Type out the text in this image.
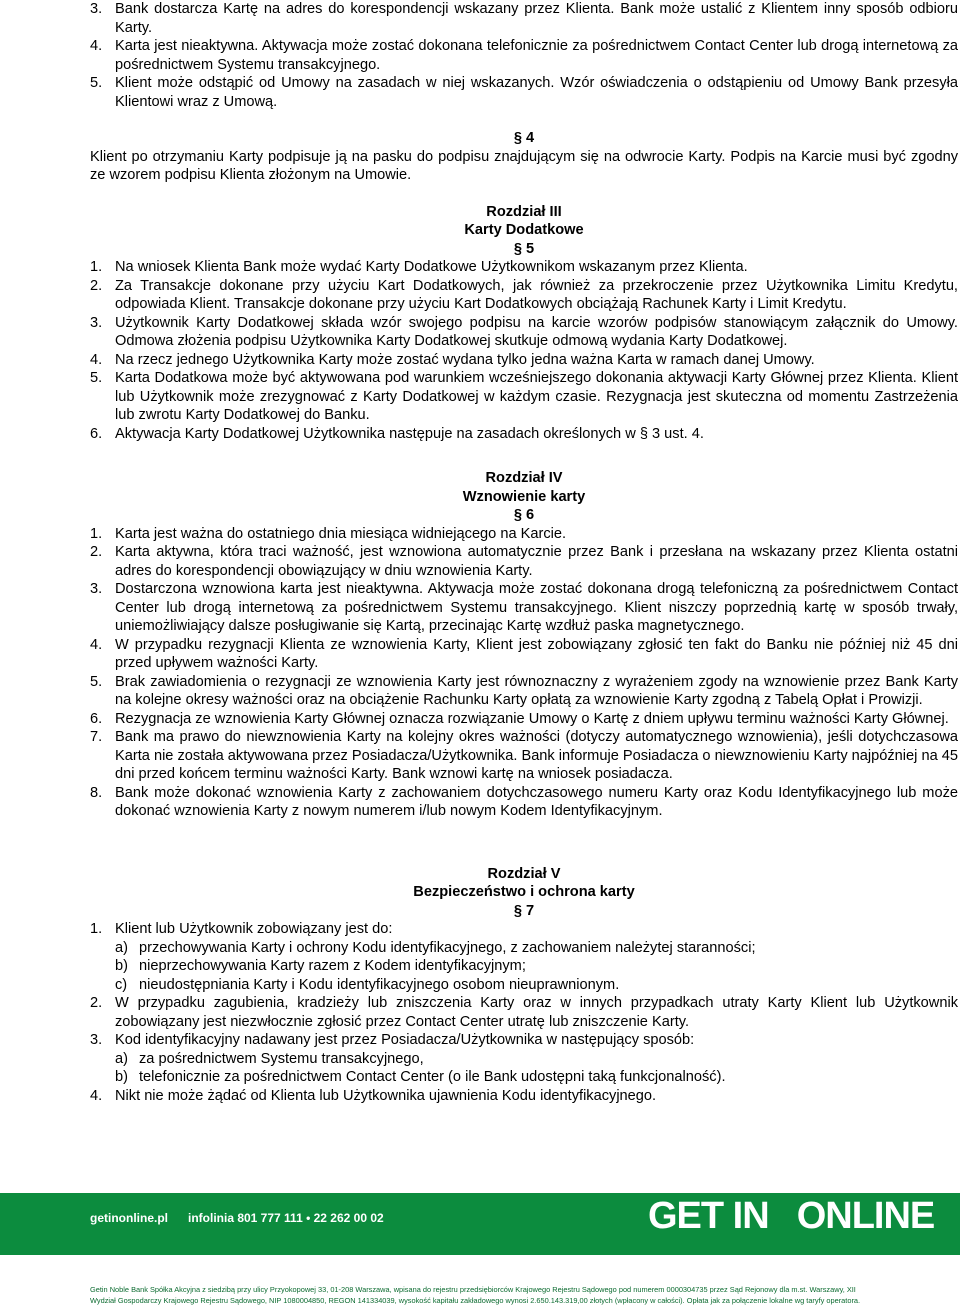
3. Bank dostarcza Kartę na adres do korespondencji wskazany przez Klienta. Bank może ustalić z Klientem inny sposób odbioru Karty.
4. Karta jest nieaktywna. Aktywacja może zostać dokonana telefonicznie za pośrednictwem Contact Center lub drogą internetową za pośrednictwem Systemu transakcyjnego.
5. Klient może odstąpić od Umowy na zasadach w niej wskazanych. Wzór oświadczenia o odstąpieniu od Umowy Bank przesyła Klientowi wraz z Umową.
§ 4

Klient po otrzymaniu Karty podpisuje ją na pasku do podpisu znajdującym się na odwrocie Karty. Podpis na Karcie musi być zgodny ze wzorem podpisu Klienta złożonym na Umowie.

Rozdział III
Karty Dodatkowe
§ 5
1. Na wniosek Klienta Bank może wydać Karty Dodatkowe Użytkownikom wskazanym przez Klienta.
2. Za Transakcje dokonane przy użyciu Kart Dodatkowych, jak również za przekroczenie przez Użytkownika Limitu Kredytu, odpowiada Klient. Transakcje dokonane przy użyciu Kart Dodatkowych obciążają Rachunek Karty i Limit Kredytu.
3. Użytkownik Karty Dodatkowej składa wzór swojego podpisu na karcie wzorów podpisów stanowiącym załącznik do Umowy. Odmowa złożenia podpisu Użytkownika Karty Dodatkowej skutkuje odmową wydania Karty Dodatkowej.
4. Na rzecz jednego Użytkownika Karty może zostać wydana tylko jedna ważna Karta w ramach danej Umowy.
5. Karta Dodatkowa może być aktywowana pod warunkiem wcześniejszego dokonania aktywacji Karty Głównej przez Klienta. Klient lub Użytkownik może zrezygnować z Karty Dodatkowej w każdym czasie. Rezygnacja jest skuteczna od momentu Zastrzeżenia lub zwrotu Karty Dodatkowej do Banku.
6. Aktywacja Karty Dodatkowej Użytkownika następuje na zasadach określonych w § 3 ust. 4.
Rozdział IV
Wznowienie karty
§ 6
1. Karta jest ważna do ostatniego dnia miesiąca widniejącego na Karcie.
2. Karta aktywna, która traci ważność, jest wznowiona automatycznie przez Bank i przesłana na wskazany przez Klienta ostatni adres do korespondencji obowiązujący w dniu wznowienia Karty.
3. Dostarczona wznowiona karta jest nieaktywna. Aktywacja może zostać dokonana drogą telefoniczną za pośrednictwem Contact Center lub drogą internetową za pośrednictwem Systemu transakcyjnego. Klient niszczy poprzednią kartę w sposób trwały, uniemożliwiający dalsze posługiwanie się Kartą, przecinając Kartę wzdłuż paska magnetycznego.
4. W przypadku rezygnacji Klienta ze wznowienia Karty, Klient jest zobowiązany zgłosić ten fakt do Banku nie później niż 45 dni przed upływem ważności Karty.
5. Brak zawiadomienia o rezygnacji ze wznowienia Karty jest równoznaczny z wyrażeniem zgody na wznowienie przez Bank Karty na kolejne okresy ważności oraz na obciążenie Rachunku Karty opłatą za wznowienie Karty zgodną z Tabelą Opłat i Prowizji.
6. Rezygnacja ze wznowienia Karty Głównej oznacza rozwiązanie Umowy o Kartę z dniem upływu terminu ważności Karty Głównej.
7. Bank ma prawo do niewznowienia Karty na kolejny okres ważności (dotyczy automatycznego wznowienia), jeśli dotychczasowa Karta nie została aktywowana przez Posiadacza/Użytkownika. Bank informuje Posiadacza o niewznowieniu Karty najpóźniej na 45 dni przed końcem terminu ważności Karty. Bank wznowi kartę na wniosek posiadacza.
8. Bank może dokonać wznowienia Karty z zachowaniem dotychczasowego numeru Karty oraz Kodu Identyfikacyjnego lub może dokonać wznowienia Karty z nowym numerem i/lub nowym Kodem Identyfikacyjnym.
Rozdział V
Bezpieczeństwo i ochrona karty
§ 7
1. Klient lub Użytkownik zobowiązany jest do:
a) przechowywania Karty i ochrony Kodu identyfikacyjnego, z zachowaniem należytej staranności;
b) nieprzechowywania Karty razem z Kodem identyfikacyjnym;
c) nieudostępniania Karty i Kodu identyfikacyjnego osobom nieuprawnionym.
2. W przypadku zagubienia, kradzieży lub zniszczenia Karty oraz w innych przypadkach utraty Karty Klient lub Użytkownik zobowiązany jest niezwłocznie zgłosić przez Contact Center utratę lub zniszczenie Karty.
3. Kod identyfikacyjny nadawany jest przez Posiadacza/Użytkownika w następujący sposób:
a) za pośrednictwem Systemu transakcyjnego,
b) telefonicznie za pośrednictwem Contact Center (o ile Bank udostępni taką funkcjonalność).
4. Nikt nie może żądać od Klienta lub Użytkownika ujawnienia Kodu identyfikacyjnego.
getinonline.pl infolinia 801 777 111 • 22 262 00 02	GET IN ONLINE
Getin Noble Bank Spółka Akcyjna z siedzibą przy ulicy Przyokopowej 33, 01-208 Warszawa, wpisana do rejestru przedsiębiorców Krajowego Rejestru Sądowego pod numerem 0000304735 przez Sąd Rejonowy dla m.st. Warszawy, XII
Wydział Gospodarczy Krajowego Rejestru Sądowego, NIP 1080004850, REGON 141334039, wysokość kapitału zakładowego wynosi 2.650.143.319,00 złotych (wpłacony w całości). Opłata jak za połączenie lokalne wg taryfy operatora.
